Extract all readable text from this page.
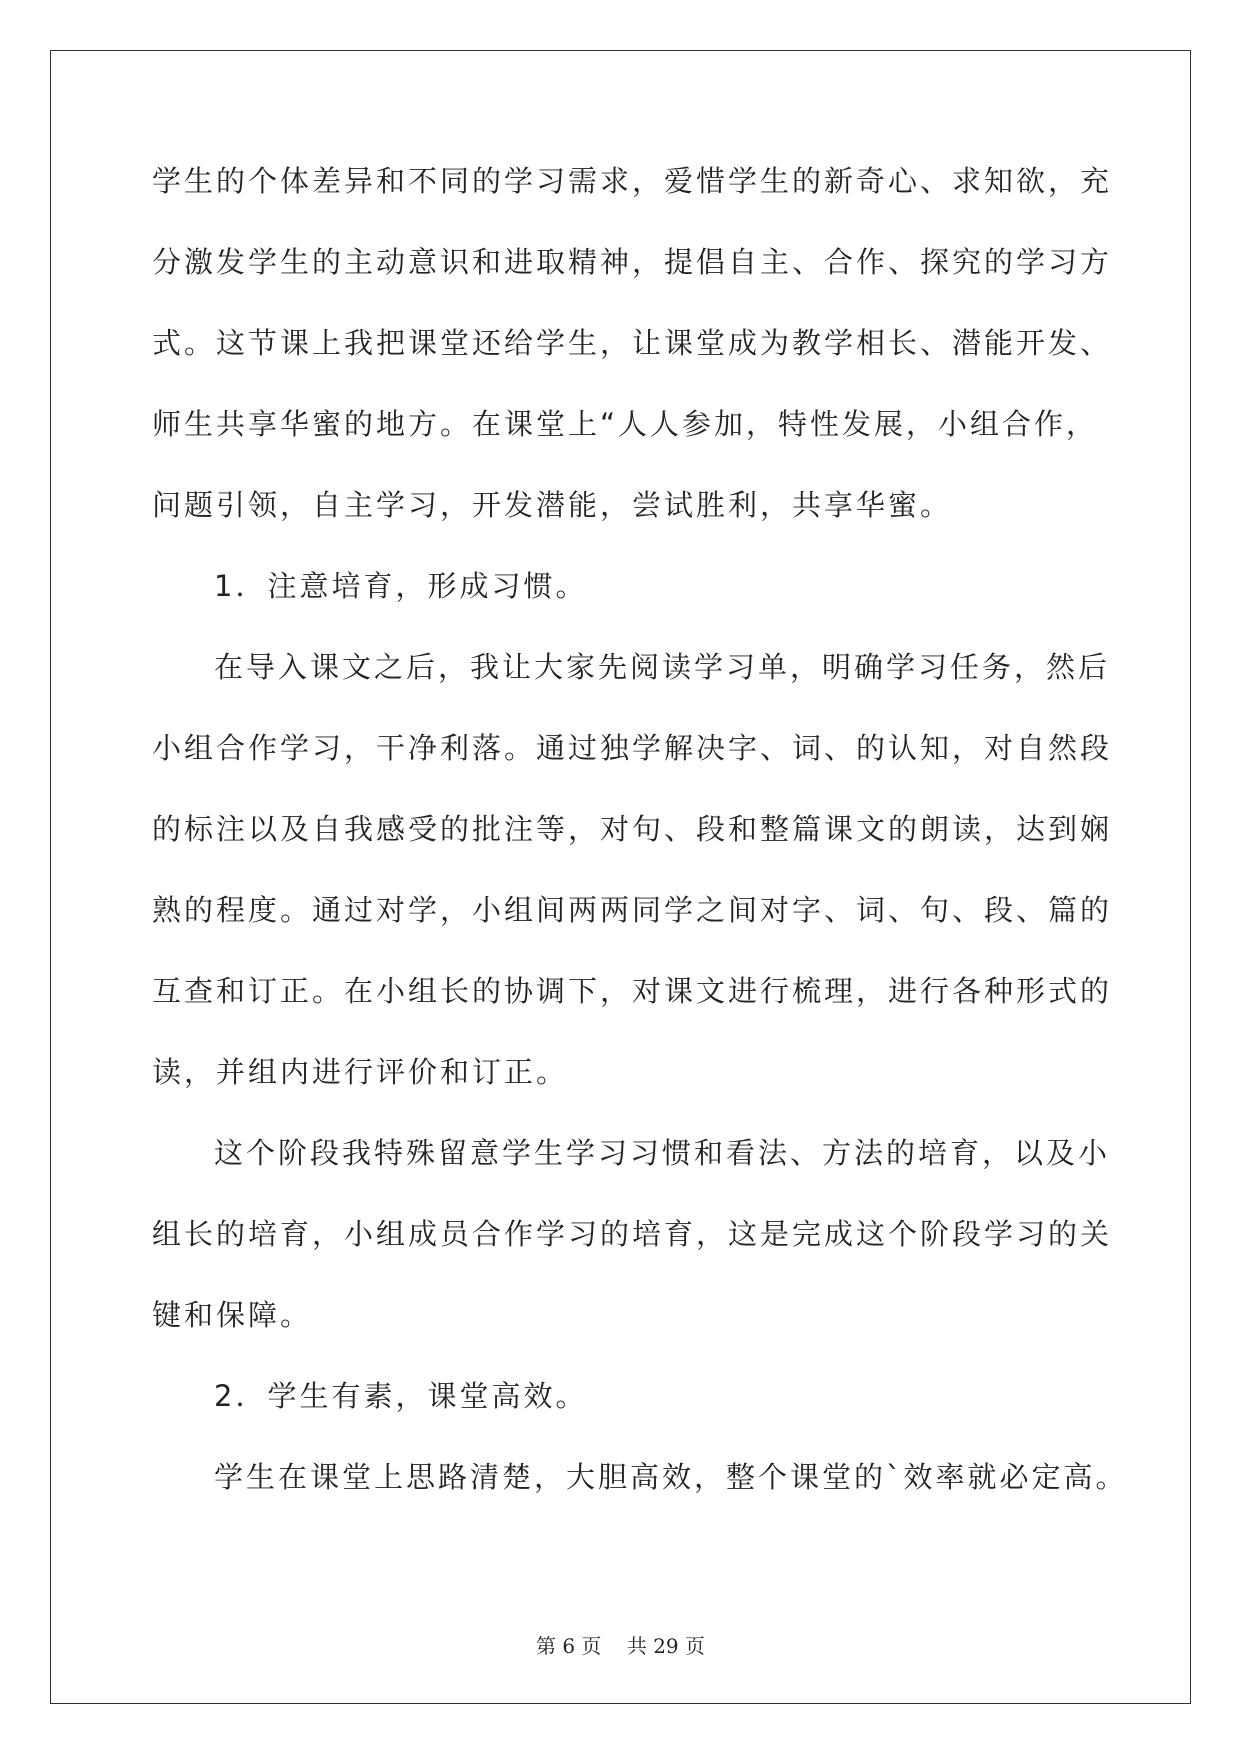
学生的个体差异和不同的学习需求，爱惜学生的新奇心、求知欲，充
分激发学生的主动意识和进取精神，提倡自主、合作、探究的学习方
式。这节课上我把课堂还给学生，让课堂成为教学相长、潜能开发、
师生共享华蜜的地方。在课堂上“人人参加，特性发展，小组合作，
问题引领，自主学习，开发潜能，尝试胜利，共享华蜜。
1．注意培育，形成习惯。
在导入课文之后，我让大家先阅读学习单，明确学习任务，然后
小组合作学习，干净利落。通过独学解决字、词、的认知，对自然段
的标注以及自我感受的批注等，对句、段和整篇课文的朗读，达到娴
熟的程度。通过对学，小组间两两同学之间对字、词、句、段、篇的
互查和订正。在小组长的协调下，对课文进行梳理，进行各种形式的
读，并组内进行评价和订正。
这个阶段我特殊留意学生学习习惯和看法、方法的培育，以及小
组长的培育，小组成员合作学习的培育，这是完成这个阶段学习的关
键和保障。
2．学生有素，课堂高效。
学生在课堂上思路清楚，大胆高效，整个课堂的`效率就必定高。
第 6 页    共 29 页
